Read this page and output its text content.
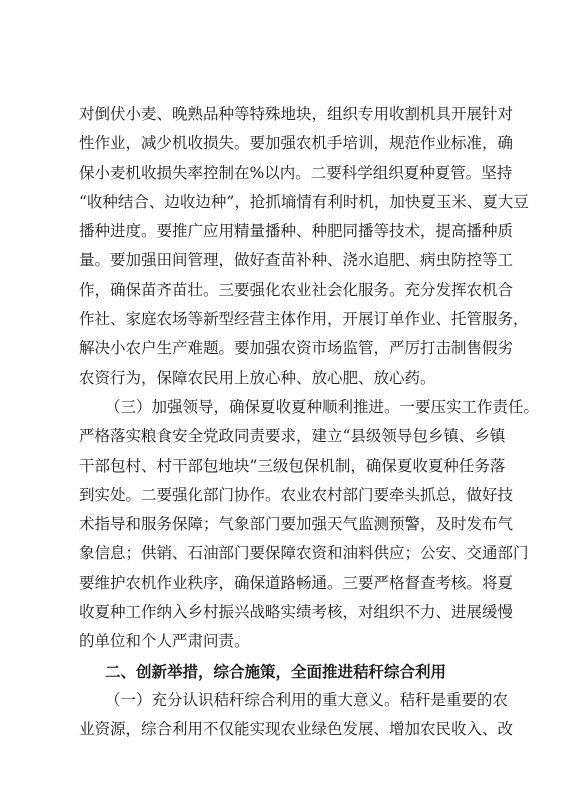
对倒伏小麦、晚熟品种等特殊地块，组织专用收割机具开展针对
性作业，减少机收损失。要加强农机手培训，规范作业标准，确
保小麦机收损失率控制在%以内。二要科学组织夏种夏管。坚持
“收种结合、边收边种”，抢抓墒情有利时机，加快夏玉米、夏大豆
播种进度。要推广应用精量播种、种肥同播等技术，提高播种质
量。要加强田间管理，做好查苗补种、浇水追肥、病虫防控等工
作，确保苗齐苗壮。三要强化农业社会化服务。充分发挥农机合
作社、家庭农场等新型经营主体作用，开展订单作业、托管服务，
解决小农户生产难题。要加强农资市场监管，严厉打击制售假劣
农资行为，保障农民用上放心种、放心肥、放心药。
（三）加强领导，确保夏收夏种顺利推进。一要压实工作责任。
严格落实粮食安全党政同责要求，建立“县级领导包乡镇、乡镇
干部包村、村干部包地块”三级包保机制，确保夏收夏种任务落
到实处。二要强化部门协作。农业农村部门要牵头抓总，做好技
术指导和服务保障；气象部门要加强天气监测预警，及时发布气
象信息；供销、石油部门要保障农资和油料供应；公安、交通部门
要维护农机作业秩序，确保道路畅通。三要严格督查考核。将夏
收夏种工作纳入乡村振兴战略实绩考核，对组织不力、进展缓慢
的单位和个人严肃问责。
二、创新举措，综合施策，全面推进秸秆综合利用
（一）充分认识秸秆综合利用的重大意义。秸秆是重要的农
业资源，综合利用不仅能实现农业绿色发展、增加农民收入、改
